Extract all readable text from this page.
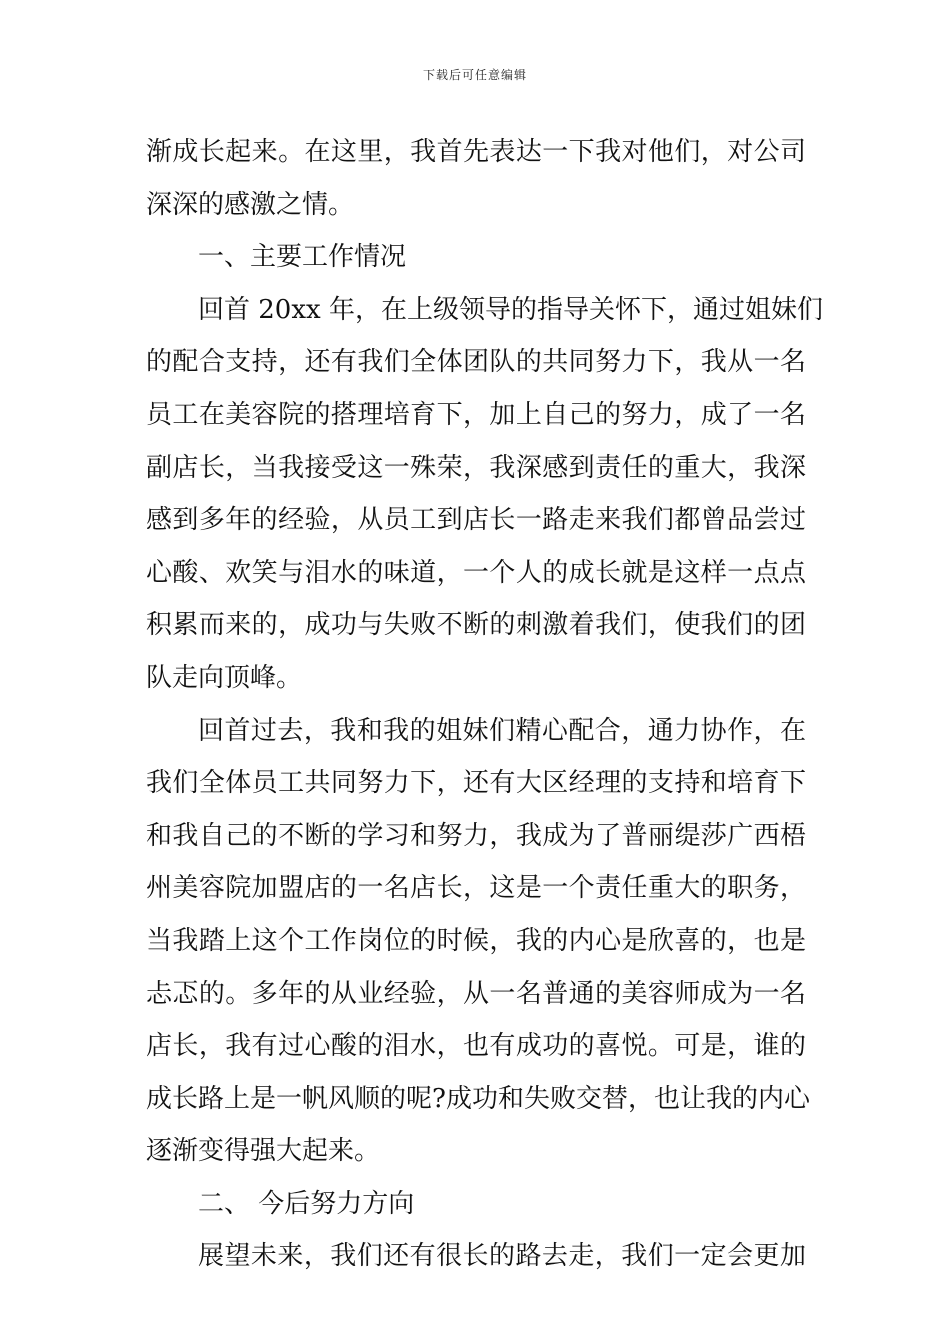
下载后可任意编辑
渐成长起来。在这里，我首先表达一下我对他们，对公司
深深的感激之情。
一、主要工作情况
回首 20xx 年，在上级领导的指导关怀下，通过姐妹们
的配合支持，还有我们全体团队的共同努力下，我从一名
员工在美容院的搭理培育下，加上自己的努力，成了一名
副店长，当我接受这一殊荣，我深感到责任的重大，我深
感到多年的经验，从员工到店长一路走来我们都曾品尝过
心酸、欢笑与泪水的味道，一个人的成长就是这样一点点
积累而来的，成功与失败不断的刺激着我们，使我们的团
队走向顶峰。
回首过去，我和我的姐妹们精心配合，通力协作，在
我们全体员工共同努力下，还有大区经理的支持和培育下
和我自己的不断的学习和努力，我成为了普丽缇莎广西梧
州美容院加盟店的一名店长，这是一个责任重大的职务，
当我踏上这个工作岗位的时候，我的内心是欣喜的，也是
忐忑的。多年的从业经验，从一名普通的美容师成为一名
店长，我有过心酸的泪水，也有成功的喜悦。可是，谁的
成长路上是一帆风顺的呢?成功和失败交替，也让我的内心
逐渐变得强大起来。
二、 今后努力方向
展望未来，我们还有很长的路去走，我们一定会更加
